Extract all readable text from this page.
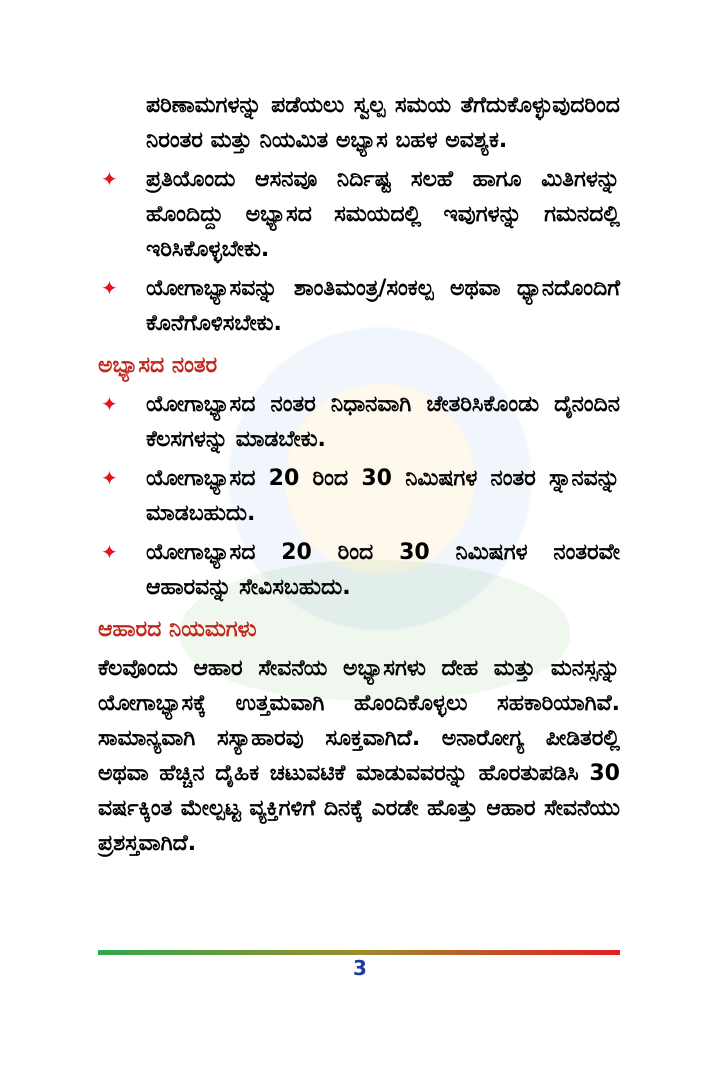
ಪರಿಣಾಮಗಳನ್ನು ಪಡೆಯಲು ಸ್ವಲ್ಪ ಸಮಯ ತೆಗೆದುಕೊಳ್ಳುವುದರಿಂದ ನಿರಂತರ ಮತ್ತು ನಿಯಮಿತ ಅಭ್ಯಾಸ ಬಹಳ ಅವಶ್ಯಕ.

✦	ಪ್ರತಿಯೊಂದು ಆಸನವೂ ನಿರ್ದಿಷ್ಟ ಸಲಹೆ ಹಾಗೂ ಮಿತಿಗಳನ್ನು ಹೊಂದಿದ್ದು ಅಭ್ಯಾಸದ ಸಮಯದಲ್ಲಿ ಇವುಗಳನ್ನು ಗಮನದಲ್ಲಿ ಇರಿಸಿಕೊಳ್ಳಬೇಕು.

✦	ಯೋಗಾಭ್ಯಾಸವನ್ನು ಶಾಂತಿಮಂತ್ರ/ಸಂಕಲ್ಪ ಅಥವಾ ಧ್ಯಾನದೊಂದಿಗೆ ಕೊನೆಗೊಳಿಸಬೇಕು.

ಅಭ್ಯಾಸದ ನಂತರ
✦	ಯೋಗಾಭ್ಯಾಸದ ನಂತರ ನಿಧಾನವಾಗಿ ಚೇತರಿಸಿಕೊಂಡು ದೈನಂದಿನ ಕೆಲಸಗಳನ್ನು ಮಾಡಬೇಕು.

✦	ಯೋಗಾಭ್ಯಾಸದ 20 ರಿಂದ 30 ನಿಮಿಷಗಳ ನಂತರ ಸ್ನಾನವನ್ನು ಮಾಡಬಹುದು.

✦	ಯೋಗಾಭ್ಯಾಸದ 20 ರಿಂದ 30 ನಿಮಿಷಗಳ ನಂತರವೇ ಆಹಾರವನ್ನು ಸೇವಿಸಬಹುದು.

ಆಹಾರದ ನಿಯಮಗಳು

ಕೆಲವೊಂದು ಆಹಾರ ಸೇವನೆಯ ಅಭ್ಯಾಸಗಳು ದೇಹ ಮತ್ತು ಮನಸ್ಸನ್ನು ಯೋಗಾಭ್ಯಾಸಕ್ಕೆ ಉತ್ತಮವಾಗಿ ಹೊಂದಿಕೊಳ್ಳಲು ಸಹಕಾರಿಯಾಗಿವೆ. ಸಾಮಾನ್ಯವಾಗಿ ಸಸ್ಯಾಹಾರವು ಸೂಕ್ತವಾಗಿದೆ. ಅನಾರೋಗ್ಯ ಪೀಡಿತರಲ್ಲಿ ಅಥವಾ ಹೆಚ್ಚಿನ ದೈಹಿಕ ಚಟುವಟಿಕೆ ಮಾಡುವವರನ್ನು ಹೊರತುಪಡಿಸಿ 30 ವರ್ಷಕ್ಕಿಂತ ಮೇಲ್ಪಟ್ಟ ವ್ಯಕ್ತಿಗಳಿಗೆ ದಿನಕ್ಕೆ ಎರಡೇ ಹೊತ್ತು ಆಹಾರ ಸೇವನೆಯು ಪ್ರಶಸ್ತವಾಗಿದೆ.

3
